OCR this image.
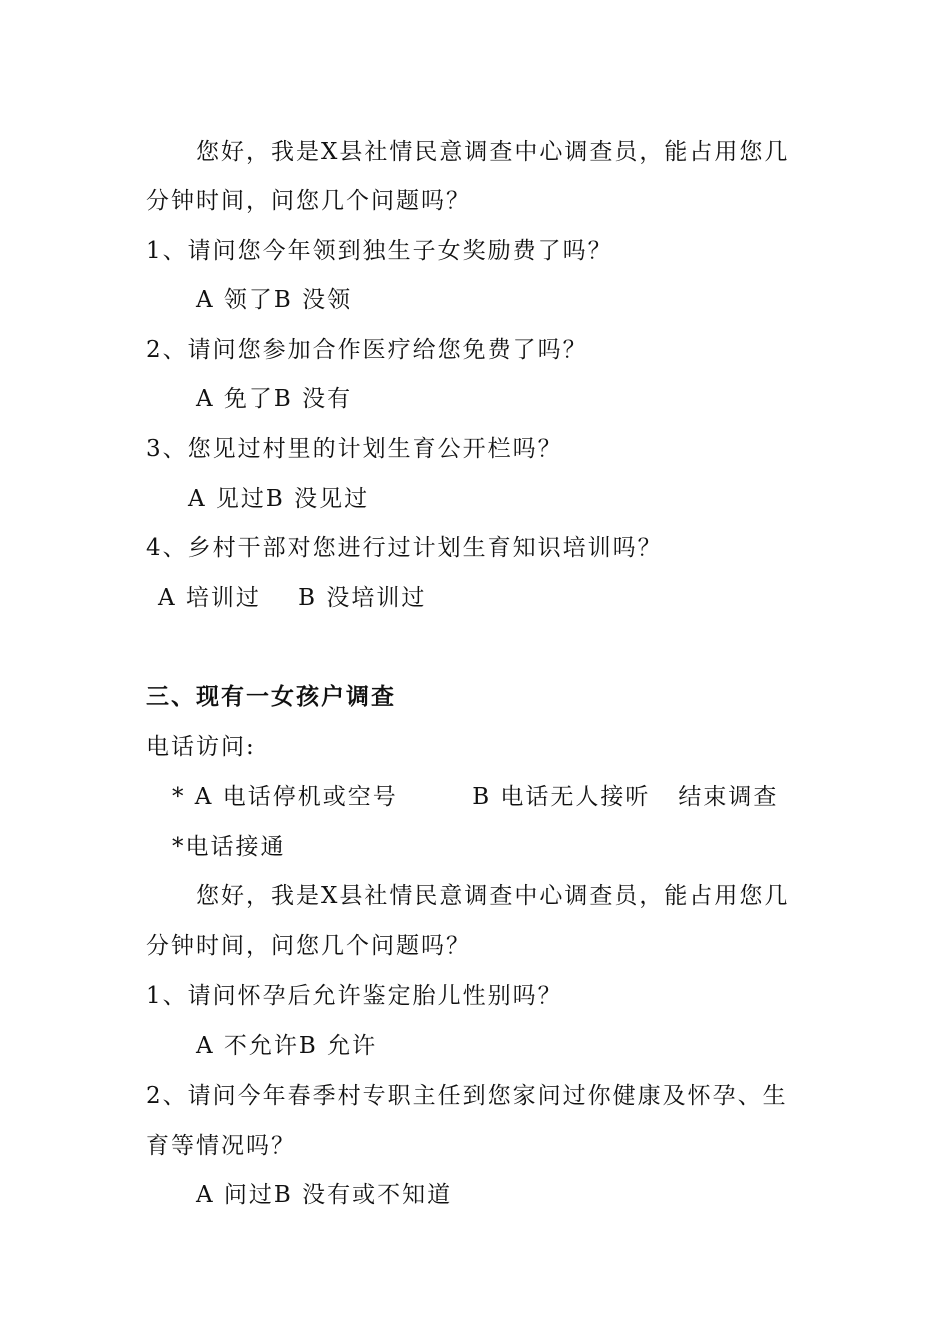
您好，我是X县社情民意调查中心调查员，能占用您几
分钟时间，问您几个问题吗？
1、请问您今年领到独生子女奖励费了吗？
A 领了B 没领
2、请问您参加合作医疗给您免费了吗？
A 免了B 没有
3、您见过村里的计划生育公开栏吗？
A 见过B 没见过
4、乡村干部对您进行过计划生育知识培训吗？
A 培训过    B 没培训过
三、现有一女孩户调查
电话访问:
* A 电话停机或空号        B 电话无人接听   结束调查
*电话接通
您好，我是X县社情民意调查中心调查员，能占用您几
分钟时间，问您几个问题吗？
1、请问怀孕后允许鉴定胎儿性别吗？
A 不允许B 允许
2、请问今年春季村专职主任到您家问过你健康及怀孕、生
育等情况吗？
A 问过B 没有或不知道
